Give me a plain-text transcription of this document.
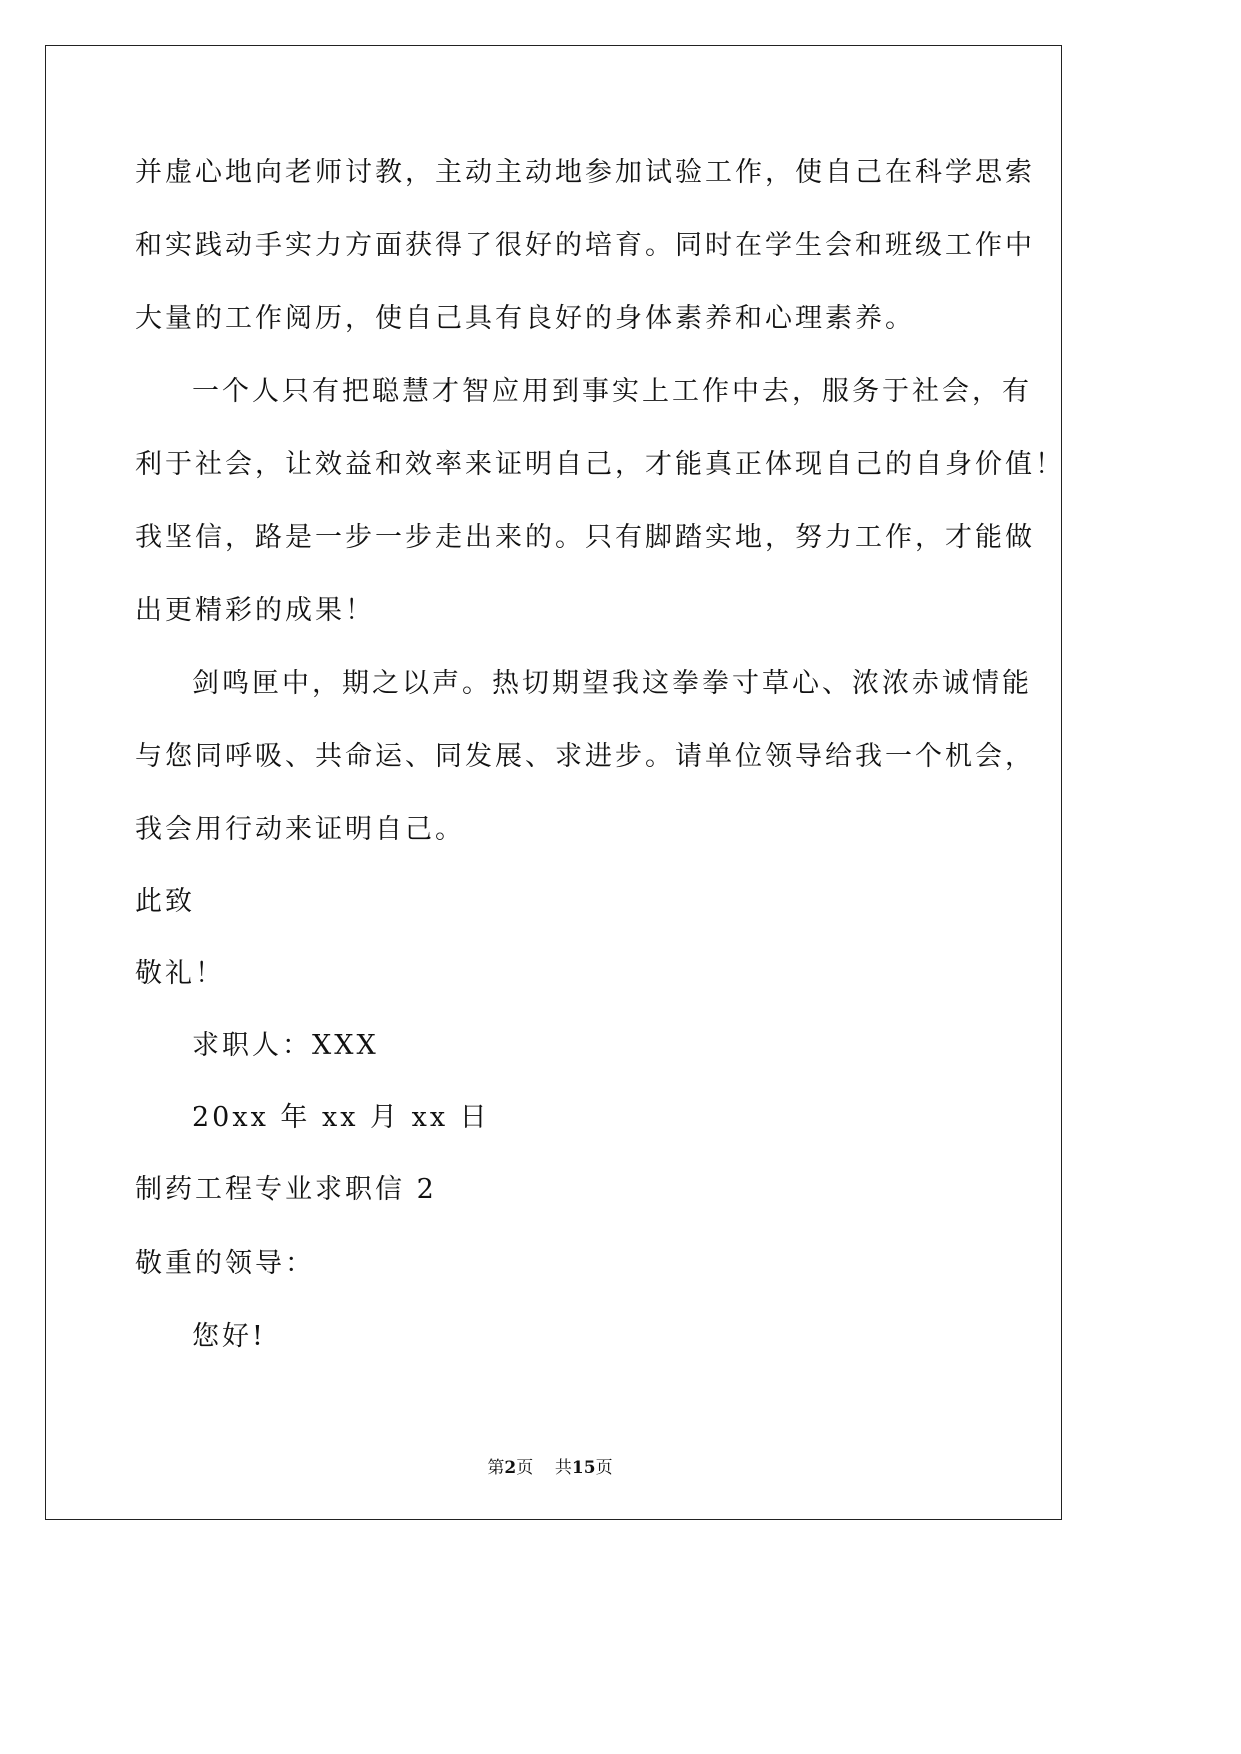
并虚心地向老师讨教，主动主动地参加试验工作，使自己在科学思索
和实践动手实力方面获得了很好的培育。同时在学生会和班级工作中
大量的工作阅历，使自己具有良好的身体素养和心理素养。
一个人只有把聪慧才智应用到事实上工作中去，服务于社会，有
利于社会，让效益和效率来证明自己，才能真正体现自己的自身价值！
我坚信，路是一步一步走出来的。只有脚踏实地，努力工作，才能做
出更精彩的成果！
剑鸣匣中，期之以声。热切期望我这拳拳寸草心、浓浓赤诚情能
与您同呼吸、共命运、同发展、求进步。请单位领导给我一个机会，
我会用行动来证明自己。
此致
敬礼！
求职人：XXX
20xx 年 xx 月 xx 日
制药工程专业求职信 2
敬重的领导：
您好!
第2页 共15页
